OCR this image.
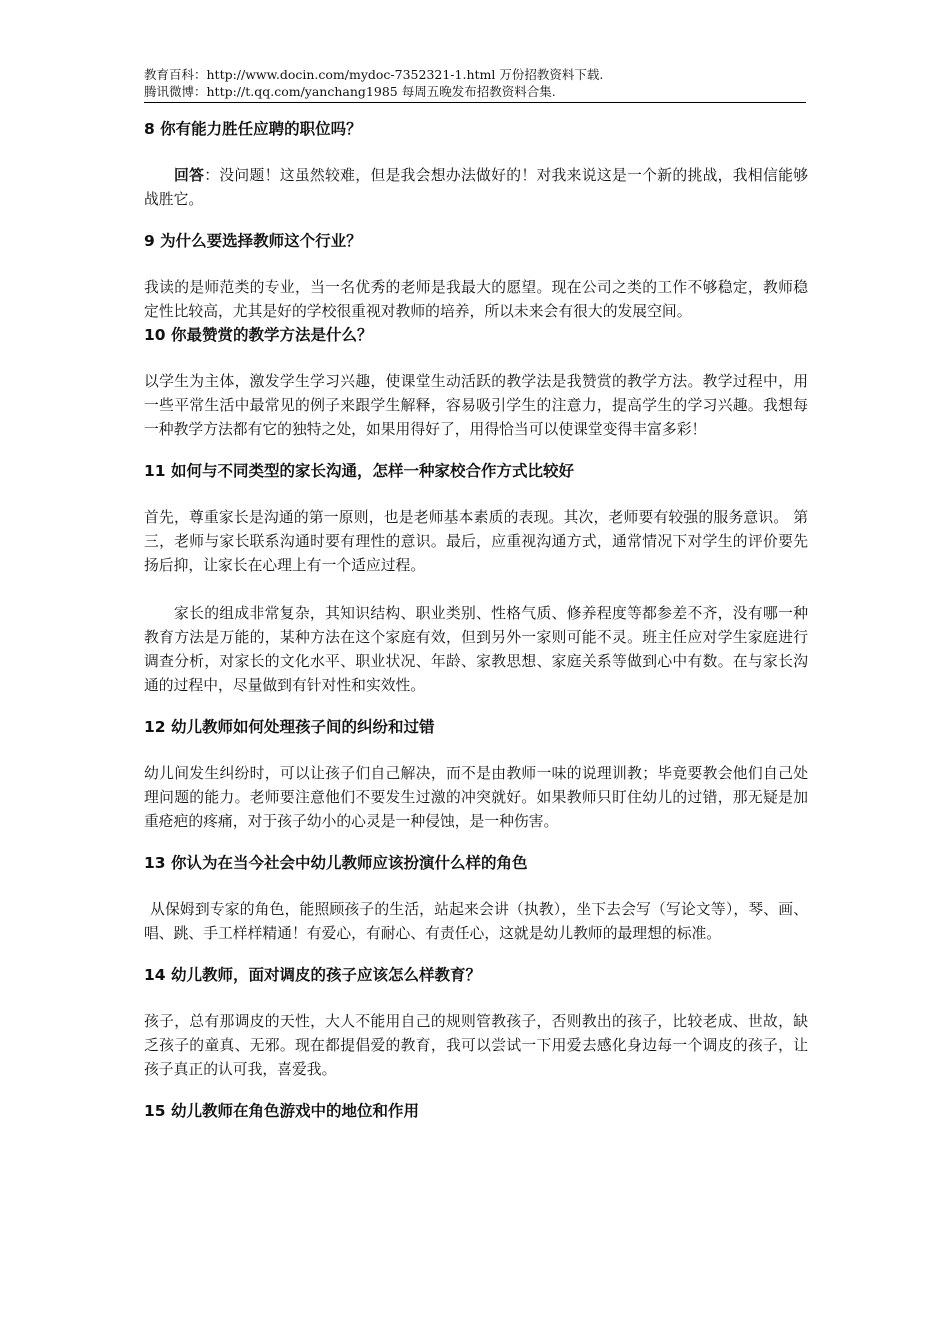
教育百科：http://www.docin.com/mydoc-7352321-1.html 万份招教资料下载.
腾讯微博：http://t.qq.com/yanchang1985 每周五晚发布招教资料合集.
8 你有能力胜任应聘的职位吗？

回答：没问题！这虽然较难，但是我会想办法做好的！对我来说这是一个新的挑战，我相信能够战胜它。

9 为什么要选择教师这个行业？

我读的是师范类的专业，当一名优秀的老师是我最大的愿望。现在公司之类的工作不够稳定，教师稳定性比较高，尤其是好的学校很重视对教师的培养，所以未来会有很大的发展空间。

10 你最赞赏的教学方法是什么？

以学生为主体，激发学生学习兴趣，使课堂生动活跃的教学法是我赞赏的教学方法。教学过程中，用一些平常生活中最常见的例子来跟学生解释，容易吸引学生的注意力，提高学生的学习兴趣。我想每一种教学方法都有它的独特之处，如果用得好了，用得恰当可以使课堂变得丰富多彩！

11 如何与不同类型的家长沟通，怎样一种家校合作方式比较好

首先，尊重家长是沟通的第一原则，也是老师基本素质的表现。其次，老师要有较强的服务意识。 第三，老师与家长联系沟通时要有理性的意识。最后，应重视沟通方式，通常情况下对学生的评价要先扬后抑，让家长在心理上有一个适应过程。

家长的组成非常复杂，其知识结构、职业类别、性格气质、修养程度等都参差不齐，没有哪一种教育方法是万能的，某种方法在这个家庭有效，但到另外一家则可能不灵。班主任应对学生家庭进行调查分析，对家长的文化水平、职业状况、年龄、家教思想、家庭关系等做到心中有数。在与家长沟通的过程中，尽量做到有针对性和实效性。

12 幼儿教师如何处理孩子间的纠纷和过错

幼儿间发生纠纷时，可以让孩子们自己解决，而不是由教师一味的说理训教；毕竟要教会他们自己处理问题的能力。老师要注意他们不要发生过激的冲突就好。如果教师只盯住幼儿的过错，那无疑是加重疮疤的疼痛，对于孩子幼小的心灵是一种侵蚀，是一种伤害。

13 你认为在当今社会中幼儿教师应该扮演什么样的角色

从保姆到专家的角色，能照顾孩子的生活，站起来会讲（执教），坐下去会写（写论文等），琴、画、唱、跳、手工样样精通！有爱心，有耐心、有责任心，这就是幼儿教师的最理想的标准。

14 幼儿教师，面对调皮的孩子应该怎么样教育？

孩子，总有那调皮的天性，大人不能用自己的规则管教孩子，否则教出的孩子，比较老成、世故，缺乏孩子的童真、无邪。现在都提倡爱的教育，我可以尝试一下用爱去感化身边每一个调皮的孩子，让孩子真正的认可我，喜爱我。

15 幼儿教师在角色游戏中的地位和作用
